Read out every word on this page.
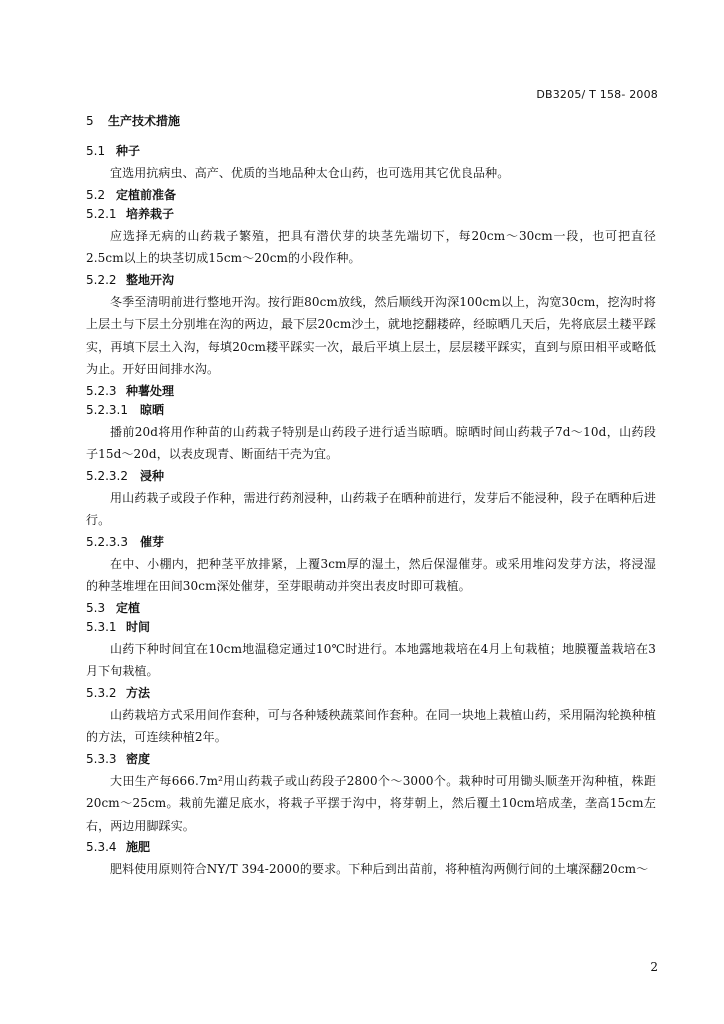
DB3205/ T 158- 2008
5 生产技术措施
5.1 种子

宜选用抗病虫、高产、优质的当地品种太仓山药，也可选用其它优良品种。

5.2 定植前准备
5.2.1 培养栽子

应选择无病的山药栽子繁殖，把具有潜伏芽的块茎先端切下，每20cm～30cm一段，也可把直径2.5cm以上的块茎切成15cm～20cm的小段作种。

5.2.2 整地开沟

冬季至清明前进行整地开沟。按行距80cm放线，然后顺线开沟深100cm以上，沟宽30cm，挖沟时将上层土与下层土分别堆在沟的两边，最下层20cm沙土，就地挖翻耧碎，经晾晒几天后，先将底层土耧平踩实，再填下层土入沟，每填20cm耧平踩实一次，最后平填上层土，层层耧平踩实，直到与原田相平或略低为止。开好田间排水沟。

5.2.3 种薯处理
5.2.3.1 晾晒

播前20d将用作种苗的山药栽子特别是山药段子进行适当晾晒。晾晒时间山药栽子7d～10d，山药段子15d～20d，以表皮现青、断面结干壳为宜。

5.2.3.2 浸种

用山药栽子或段子作种，需进行药剂浸种，山药栽子在晒种前进行，发芽后不能浸种，段子在晒种后进行。

5.2.3.3 催芽

在中、小棚内，把种茎平放排紧，上覆3cm厚的湿土，然后保湿催芽。或采用堆闷发芽方法，将浸湿的种茎堆埋在田间30cm深处催芽，至芽眼萌动并突出表皮时即可栽植。

5.3 定植
5.3.1 时间

山药下种时间宜在10cm地温稳定通过10℃时进行。本地露地栽培在4月上旬栽植；地膜覆盖栽培在3月下旬栽植。

5.3.2 方法

山药栽培方式采用间作套种，可与各种矮秧蔬菜间作套种。在同一块地上栽植山药，采用隔沟轮换种植的方法，可连续种植2年。

5.3.3 密度

大田生产每666.7m²用山药栽子或山药段子2800个～3000个。栽种时可用锄头顺垄开沟种植，株距20cm～25cm。栽前先灌足底水，将栽子平摆于沟中，将芽朝上，然后覆土10cm培成垄，垄高15cm左右，两边用脚踩实。

5.3.4 施肥

肥料使用原则符合NY/T 394-2000的要求。下种后到出苗前，将种植沟两侧行间的土壤深翻20cm～

2
